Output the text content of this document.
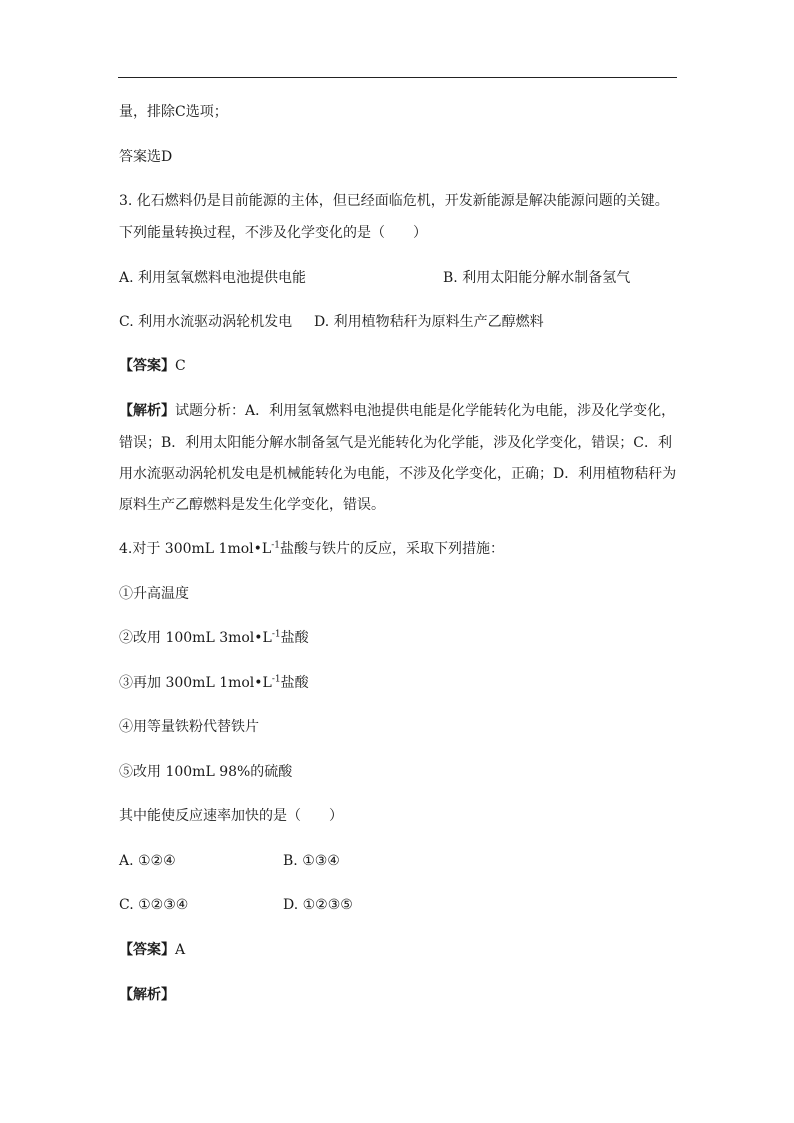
量，排除C选项；
答案选D
3. 化石燃料仍是目前能源的主体，但已经面临危机，开发新能源是解决能源问题的关键。
下列能量转换过程，不涉及化学变化的是（　　）
A. 利用氢氧燃料电池提供电能	B. 利用太阳能分解水制备氢气
C. 利用水流驱动涡轮机发电 D. 利用植物秸秆为原料生产乙醇燃料
【答案】C
【解析】试题分析：A．利用氢氧燃料电池提供电能是化学能转化为电能，涉及化学变化，
错误；B．利用太阳能分解水制备氢气是光能转化为化学能，涉及化学变化，错误；C．利
用水流驱动涡轮机发电是机械能转化为电能，不涉及化学变化，正确；D．利用植物秸秆为
原料生产乙醇燃料是发生化学变化，错误。
4.对于 300mL $1mol•L^{-1}$盐酸与铁片的反应，采取下列措施：
①升高温度
②改用 100mL $3mol•L^{-1}$盐酸
③再加 300mL $1mol•L^{-1}$盐酸
④用等量铁粉代替铁片
⑤改用 100mL 98%的硫酸
其中能使反应速率加快的是（　　）
A. ①②④	B. ①③④
C. ①②③④	D. ①②③⑤
【答案】A
【解析】
